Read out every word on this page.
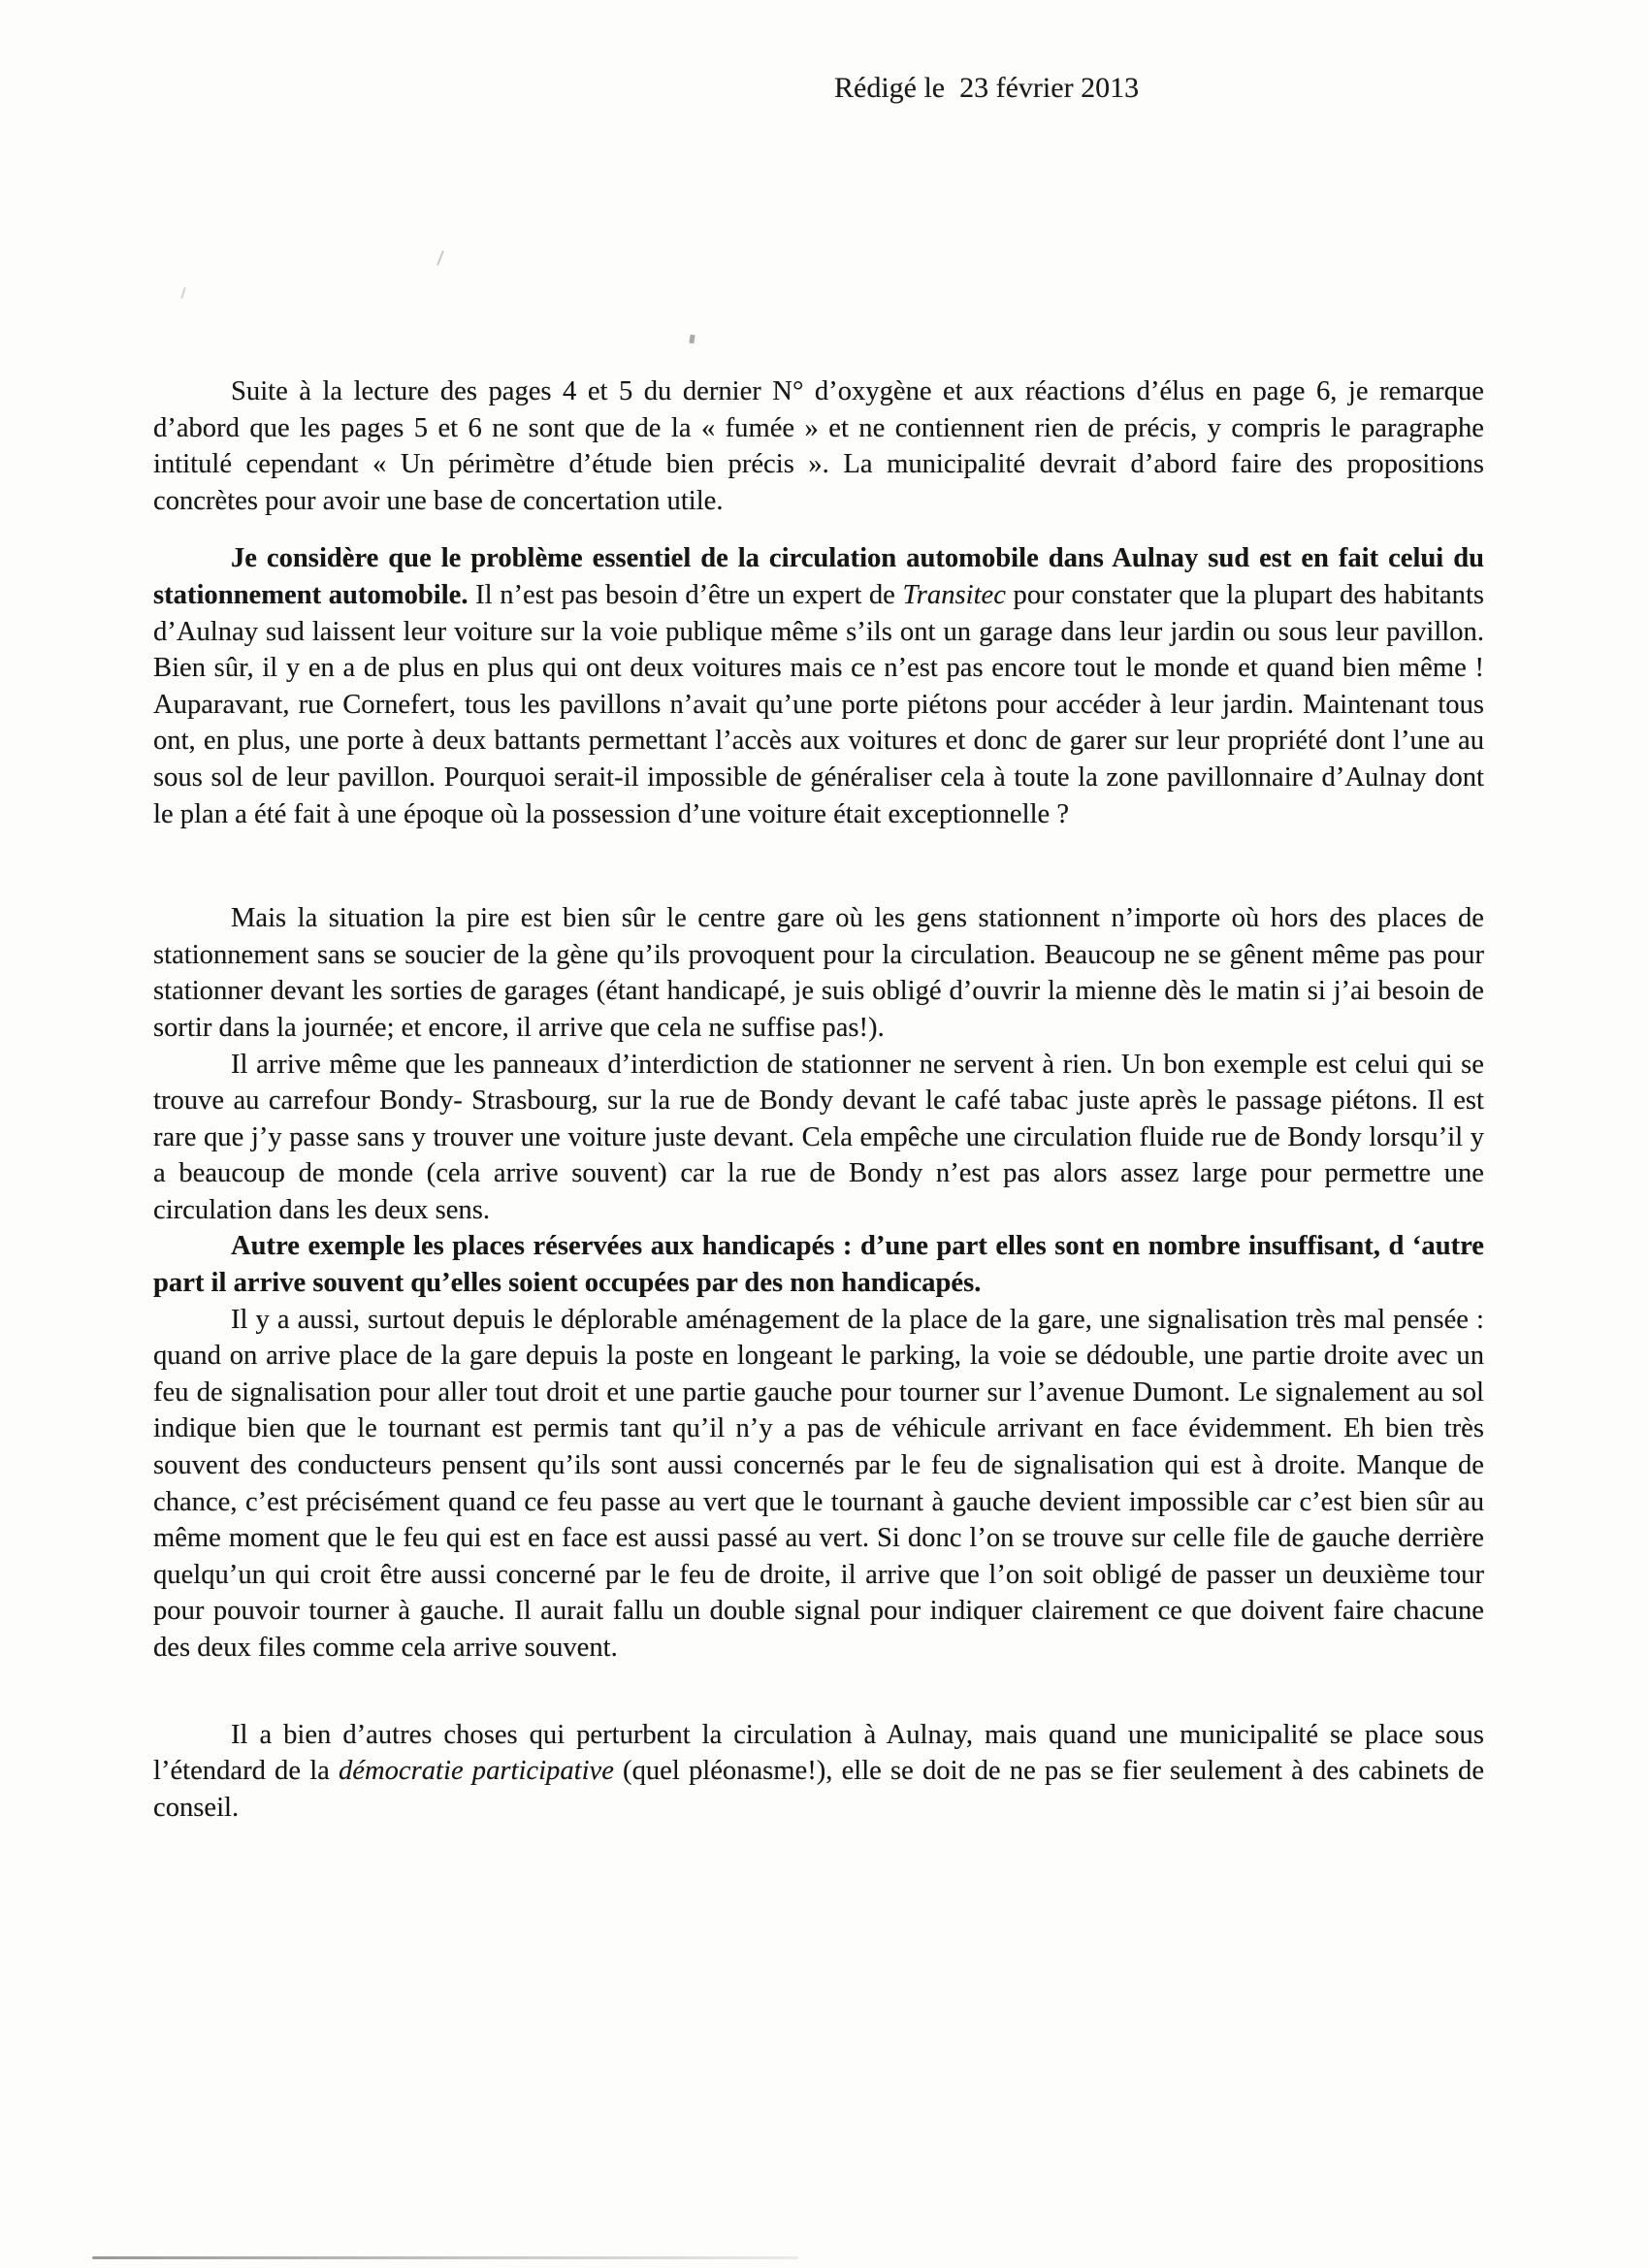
Rédigé le  23 février 2013

Suite à la lecture des pages 4 et 5 du dernier N° d’oxygène et aux réactions d’élus en page 6, je remarque d’abord que les pages 5 et 6 ne sont que de la « fumée » et ne contiennent rien de précis, y compris le paragraphe intitulé cependant « Un périmètre d’étude bien précis ». La municipalité devrait d’abord faire des propositions concrètes pour avoir une base de concertation utile.

Je considère que le problème essentiel de la circulation automobile dans Aulnay sud est en fait celui du stationnement automobile. Il n’est pas besoin d’être un expert de Transitec pour constater que la plupart des habitants d’Aulnay sud laissent leur voiture sur la voie publique même s’ils ont un garage dans leur jardin ou sous leur pavillon. Bien sûr, il y en a de plus en plus qui ont deux voitures mais ce n’est pas encore tout le monde et quand bien même ! Auparavant, rue Cornefert, tous les pavillons n’avait qu’une porte piétons pour accéder à leur jardin. Maintenant tous ont, en plus, une porte à deux battants permettant l’accès aux voitures et donc de garer sur leur propriété dont l’une au sous sol de leur pavillon. Pourquoi serait-il impossible de généraliser cela à toute la zone pavillonnaire d’Aulnay dont le plan a été fait à une époque où la possession d’une voiture était exceptionnelle ?

Mais la situation la pire est bien sûr le centre gare où les gens stationnent n’importe où hors des places de stationnement sans se soucier de la gène qu’ils provoquent pour la circulation. Beaucoup ne se gênent même pas pour stationner devant les sorties de garages (étant handicapé, je suis obligé d’ouvrir la mienne dès le matin si j’ai besoin de sortir dans la journée; et encore, il arrive que cela ne suffise pas!).

Il arrive même que les panneaux d’interdiction de stationner ne servent à rien. Un bon exemple est celui qui se trouve au carrefour Bondy- Strasbourg, sur la rue de Bondy devant le café tabac juste après le passage piétons. Il est rare que j’y passe sans y trouver une voiture juste devant. Cela empêche une circulation fluide rue de Bondy lorsqu’il y a beaucoup de monde (cela arrive souvent) car la rue de Bondy n’est pas alors assez large pour permettre une circulation dans les deux sens.

Autre exemple les places réservées aux handicapés : d’une part elles sont en nombre insuffisant, d ‘autre part il arrive souvent qu’elles soient occupées par des non handicapés.

Il y a aussi, surtout depuis le déplorable aménagement de la place de la gare, une signalisation très mal pensée : quand on arrive place de la gare depuis la poste en longeant le parking, la voie se dédouble, une partie droite avec un feu de signalisation pour aller tout droit et une partie gauche pour tourner sur l’avenue Dumont. Le signalement au sol indique bien que le tournant est permis tant qu’il n’y a pas de véhicule arrivant en face évidemment. Eh bien très souvent des conducteurs pensent qu’ils sont aussi concernés par le feu de signalisation qui est à droite. Manque de chance, c’est précisément quand ce feu passe au vert que le tournant à gauche devient impossible car c’est bien sûr au même moment que le feu qui est en face est aussi passé au vert. Si donc l’on se trouve sur celle file de gauche derrière quelqu’un qui croit être aussi concerné par le feu de droite, il arrive que l’on soit obligé de passer un deuxième tour pour pouvoir tourner à gauche. Il aurait fallu un double signal pour indiquer clairement ce que doivent faire chacune des deux files comme cela arrive souvent.

Il a bien d’autres choses qui perturbent la circulation à Aulnay, mais quand une municipalité se place sous l’étendard de la démocratie participative (quel pléonasme!), elle se doit de ne pas se fier seulement à des cabinets de conseil.
